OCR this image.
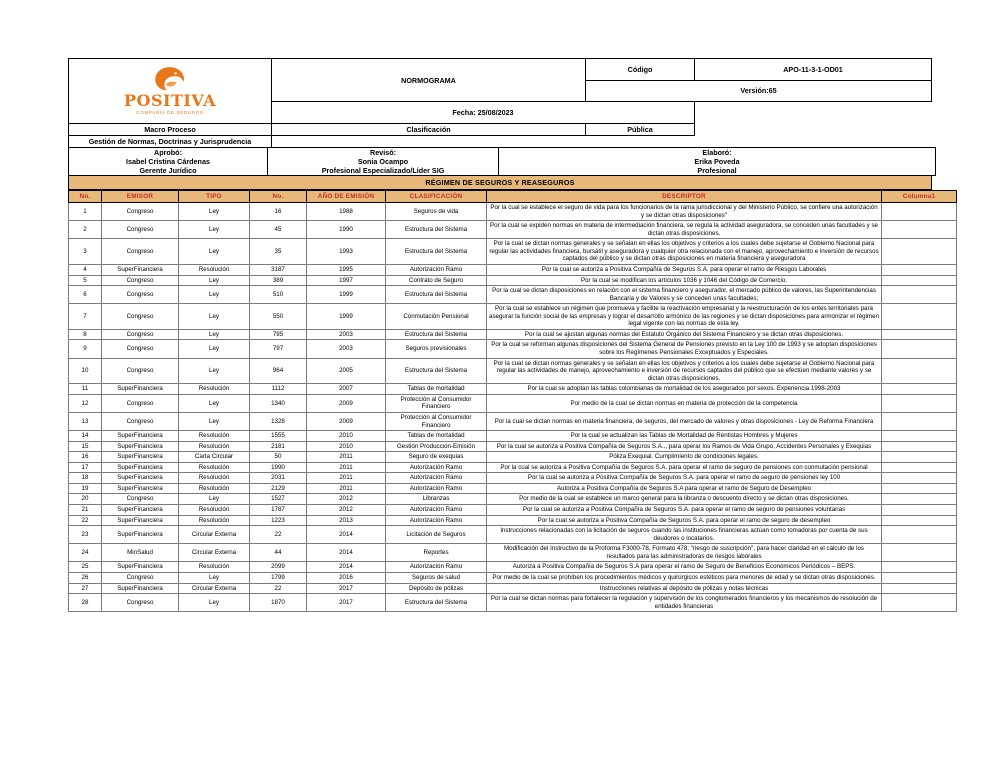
POSITIVA
COMPAÑÍA DE SEGUROS	NORMOGRAMA	Código	APO-11-3-1-OD01
		Versión:65	
	Fecha: 25/08/2023		
Macro Proceso	Clasificación	Pública	
Gestión de Normas, Doctrinas y Jurisprudencia			
Aprobó:
Isabel Cristina Cárdenas
Gerente Jurídico

Revisó:
Sonia Ocampo
Profesional Especializado/Líder SIG

Elaboró:
Erika Poveda
Profesional
RÉGIMEN DE SEGUROS Y REASEGUROS
No.	EMISOR	TIPO	No.	AÑO DE EMISIÓN	CLASIFICACIÓN	DESCRIPTOR	Columna1
1	Congreso	Ley	16	1988	Seguros de vida	Por la cual se establece el seguro de vida para los funcionarios de la rama jurisdiccional y del Ministerio Público, se confiere una autorización y se dictan otras disposiciones"	
2	Congreso	Ley	45	1990	Estructura del Sistema	Por la cual se expiden normas en materia de intermediación financiera, se regula la actividad aseguradora, se conceden unas facultades y se dictan otras disposiciones.	
3	Congreso	Ley	35	1993	Estructura del Sistema	Por la cual se dictan normas generales y se señalan en ellas los objetivos y criterios a los cuales debe sujetarse el Gobierno Nacional para regular las actividades financiera, bursátil y aseguradora y cualquier otra relacionada con el manejo, aprovechamiento e inversión de recursos captados del público y se dictan otras disposiciones en materia financiera y aseguradora	
4	SuperFinanciera	Resolución	3187	1995	Autorización Ramo	Por la cual se autoriza a Positiva Compañía de Seguros S.A. para operar el ramo de Riesgos Laborales	
5	Congreso	Ley	389	1997	Contrato de Seguro	Por la cual se modifican los artículos 1036 y 1046 del Código de Comercio.	
6	Congreso	Ley	510	1999	Estructura del Sistema	Por la cual se dictan disposiciones en relación con el sistema financiero y asegurador, el mercado público de valores, las Superintendencias Bancaria y de Valores y se conceden unas facultades;	
7	Congreso	Ley	550	1999	Conmutación Pensional	Por la cual se establece un régimen que promueva y facilite la reactivación empresarial y la reestructuración de los entes territoriales para asegurar la función social de las empresas y lograr el desarrollo armónico de las regiones y se dictan disposiciones para armonizar el régimen legal vigente con las normas de esta ley.	
8	Congreso	Ley	795	2003	Estructura del Sistema	Por la cual se ajustan algunas normas del Estatuto Orgánico del Sistema Financiero y se dictan otras disposiciones.	
9	Congreso	Ley	797	2003	Seguros previsionales	Por la cual se reforman algunas disposiciones del Sistema General de Pensiones previsto en la Ley 100 de 1993 y se adoptan disposiciones sobre los Regímenes Pensionales Exceptuados y Especiales.	
10	Congreso	Ley	964	2005	Estructura del Sistema	Por la cual se dictan normas generales y se señalan en ellas los objetivos y criterios a los cuales debe sujetarse el Gobierno Nacional para regular las actividades de manejo, aprovechamiento e inversión de recursos captados del público que se efectúen mediante valores y se dictan otras disposiciones.	
11	SuperFinanciera	Resolución	1112	2007	Tablas de mortalidad	Por la cual se adoptan las tablas colombianas de mortalidad de los asegurados por sexos. Experiencia 1998-2003	
12	Congreso	Ley	1340	2009	Protección al Consumidor Financiero	Por medio de la cual se dictan normas en materia de protección de la competencia	
13	Congreso	Ley	1328	2009	Protección al Consumidor Financiero	Por la cual se dictan normas en materia financiera, de seguros, del mercado de valores y otras disposiciones - Ley de Reforma Financiera	
14	SuperFinanciera	Resolución	1555	2010	Tablas de mortalidad	Por la cual se actualizan las Tablas de Mortalidad de Rentistas Hombres y Mujeres	
15	SuperFinanciera	Resolución	2181	2010	Gestión Producción-Emisión	Por la cual se autoriza a Positiva Compañía de Seguros S.A.., para operar los Ramos de Vida Grupo, Accidentes Personales y Exequias	
16	SuperFinanciera	Carta Circular	50	2011	Seguro de exequias	Póliza Exequial. Cumplimiento de condiciones legales.	
17	SuperFinanciera	Resolución	1990	2011	Autorización Ramo	Por la cual se autoriza a Positiva Compañía de Seguros S.A. para operar el ramo de seguro de pensiones con conmutación pensional	
18	SuperFinanciera	Resolución	2031	2011	Autorización Ramo	Por la cual se autoriza a Positiva Compañía de Seguros S.A. para operar el ramo de seguro de pensiones ley 100	
19	SuperFinanciera	Resolución	2129	2011	Autorización Ramo	Autoriza a Positiva Compañía de Seguros S.A para operar el ramo de Seguro de Desempleo	
20	Congreso	Ley	1527	2012	Libranzas	Por medio de la cual se establece un marco general para la libranza o descuento directo y se dictan otras disposiciones.	
21	SuperFinanciera	Resolución	1787	2012	Autorización Ramo	Por la cual se autoriza a Positiva Compañía de Seguros S.A. para operar el ramo de seguro de pensiones voluntarias	
22	SuperFinanciera	Resolución	1223	2013	Autorización Ramo	Por la cual se autoriza a Positiva Compañía de Seguros S.A. para operar el ramo de seguro de desempleo	
23	SuperFinanciera	Circular Externa	22	2014	Licitación de Seguros	Instrucciones relacionadas con la licitación de seguros cuando las instituciones financieras actúan como tomadoras por cuenta de sus deudores o locatarios.	
24	MinSalud	Circular Externa	44	2014	Reportes	Modificación del Instructivo de la Proforma F3000-78, Formato 478; "riesgo de suscripción", para hacer claridad en el cálculo de los resultados para las administradoras de riesgos laborales	
25	SuperFinanciera	Resolución	2099	2014	Autorización Ramo	Autoriza a Positiva Compañía de Seguros S.A para operar el ramo de Seguro de Beneficios Económicos Periódicos – BEPS.	
26	Congreso	Ley	1799	2016	Seguros de salud	Por medio de la cual se prohíben los procedimientos médicos y quirúrgicos estéticos para menores de edad y se dictan otras disposiciones.	
27	SuperFinanciera	Circular Externa	22	2017	Depósito de pólizas	Instrucciones relativas al depósito de pólizas y notas técnicas	
28	Congreso	Ley	1870	2017	Estructura del Sistema	Por la cual se dictan normas para fortalecer la regulación y supervisión de los conglomerados financieros y los mecanismos de resolución de entidades financieras	
